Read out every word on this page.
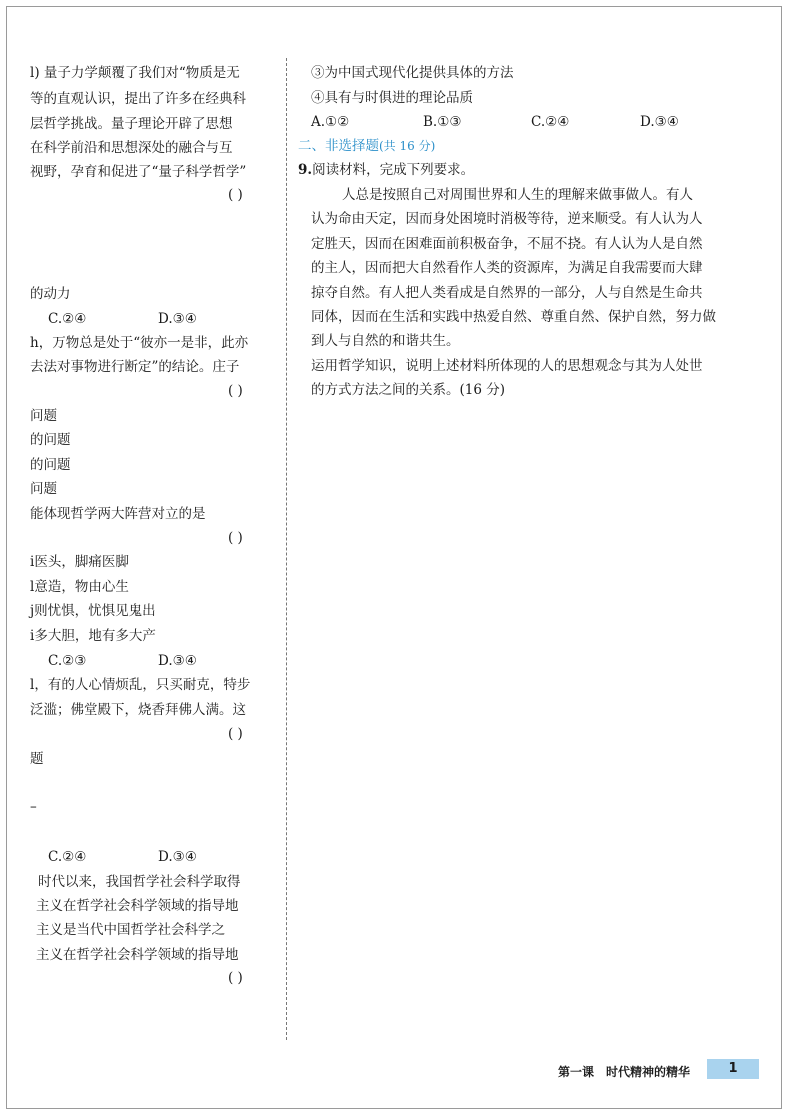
l) 量子力学颠覆了我们对“物质是无
等的直观认识，提出了许多在经典科
层哲学挑战。量子理论开辟了思想
在科学前沿和思想深处的融合与互
视野，孕育和促进了“量子科学哲学”
( )
的动力
C.②④	D.③④
h，万物总是处于“彼亦一是非，此亦
去法对事物进行断定”的结论。庄子
( )
问题
的问题
的问题
问题
能体现哲学两大阵营对立的是
( )
i医头，脚痛医脚
l意造，物由心生
j则忧惧，忧惧见鬼出
i多大胆，地有多大产
C.②③	D.③④
l，有的人心情烦乱，只买耐克，特步
泛滥；佛堂殿下，烧香拜佛人满。这
( )
题
–
C.②④	D.③④
时代以来，我国哲学社会科学取得
主义在哲学社会科学领域的指导地
主义是当代中国哲学社会科学之
主义在哲学社会科学领域的指导地
( )
③为中国式现代化提供具体的方法
④具有与时俱进的理论品质
A.①②	B.①③	C.②④	D.③④
二、非选择题(共 16 分)
9.阅读材料，完成下列要求。
人总是按照自己对周围世界和人生的理解来做事做人。有人
认为命由天定，因而身处困境时消极等待，逆来顺受。有人认为人
定胜天，因而在困难面前积极奋争，不屈不挠。有人认为人是自然
的主人，因而把大自然看作人类的资源库，为满足自我需要而大肆
掠夺自然。有人把人类看成是自然界的一部分，人与自然是生命共
同体，因而在生活和实践中热爱自然、尊重自然、保护自然，努力做
到人与自然的和谐共生。
运用哲学知识，说明上述材料所体现的人的思想观念与其为人处世
的方式方法之间的关系。(16 分)
第一课　时代精神的精华	1
